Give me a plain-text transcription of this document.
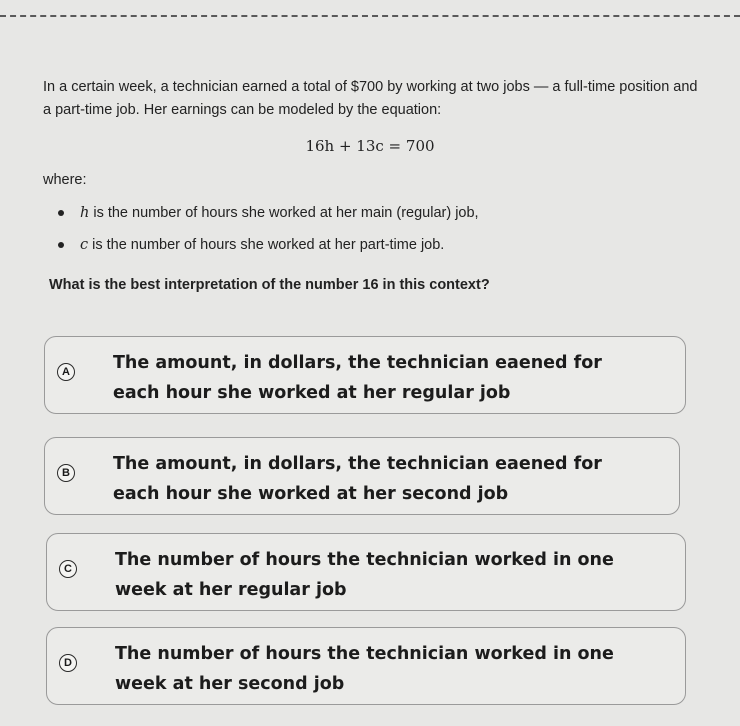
In a certain week, a technician earned a total of $700 by working at two jobs — a full-time position and a part-time job. Her earnings can be modeled by the equation:
16h + 13c = 700
where:
h is the number of hours she worked at her main (regular) job,
c is the number of hours she worked at her part-time job.
What is the best interpretation of the number 16 in this context?
A The amount, in dollars, the technician eaened for
each hour she worked at her regular job
B The amount, in dollars, the technician eaened for
each hour she worked at her second job
C The number of hours the technician worked in one
week at her regular job
D The number of hours the technician worked in one
week at her second job
